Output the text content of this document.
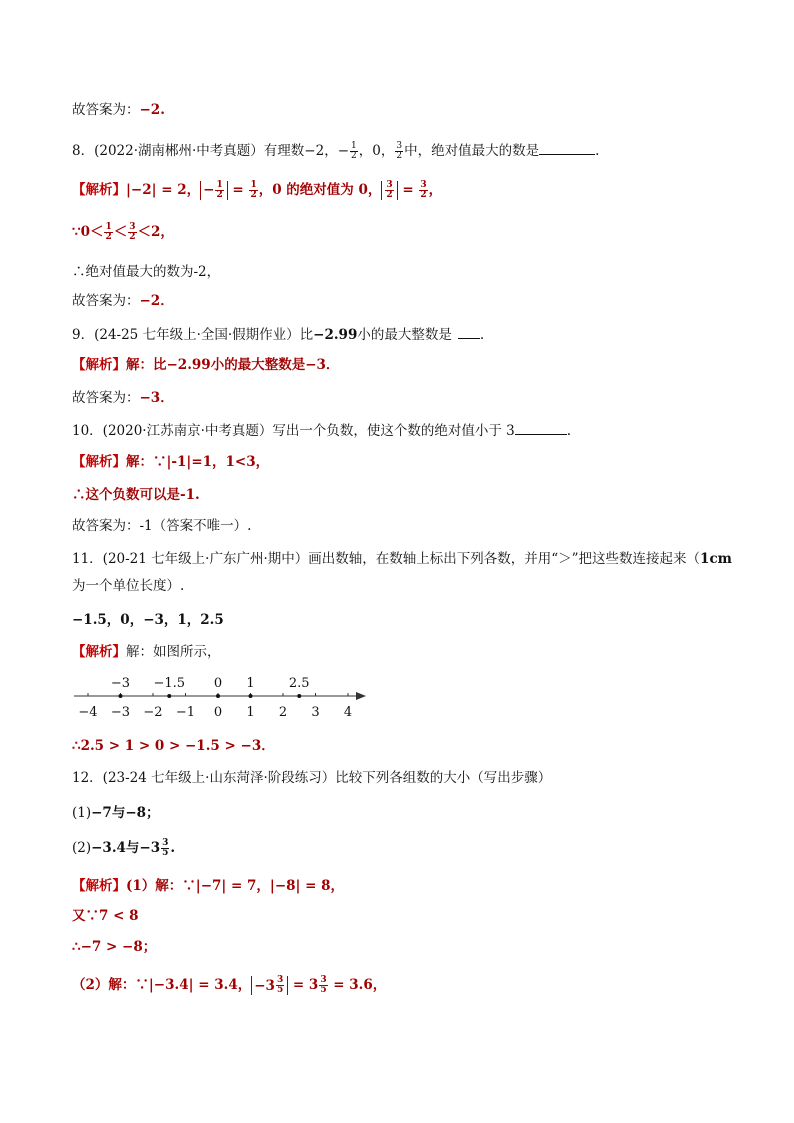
故答案为：−2.
8．(2022·湖南郴州·中考真题）有理数−2，− $\frac{1}{2}$ ，0， $\frac{3}{2}$ 中，绝对值最大的数是	.
【解析】|−2| = 2， − $\frac{1}{2} = \frac{1}{2}$ ，0 的绝对值为 0， $\frac{3}{2} = \frac{3}{2}$ ，
∵0＜ $\frac{1}{2} < \frac{3}{2} <2$，
∴绝对值最大的数为-2，
故答案为：−2．
9．(24-25 七年级上·全国·假期作业）比−2.99小的最大整数是 .
【解析】解：比−2.99小的最大整数是−3．
故答案为：−3．
10．(2020·江苏南京·中考真题）写出一个负数，使这个数的绝对值小于 3	.
【解析】解：∵|-1|=1，1<3，
∴这个负数可以是-1.
故答案为：-1（答案不唯一）.
11．(20-21 七年级上·广东广州·期中）画出数轴，在数轴上标出下列各数，并用“＞”把这些数连接起来（1cm
为一个单位长度）.
−1.5，0，−3，1，2.5
【解析】解：如图所示，
−4 −3 −2 −1 0 1 2 3 4
−3 −1.5 0 1	2.5
∴2.5 > 1 > 0 > −1.5 > −3．
12．(23-24 七年级上·山东菏泽·阶段练习）比较下列各组数的大小（写出步骤）
(1)−7与−8；
(2)−3.4与$-3 \frac{3}{5}$ .
【解析】(1）解：∵|−7| = 7，|−8| = 8，
又∵7 < 8
∴−7 > −8；
（2）解：∵|−3.4| = 3.4， $-3 \frac{3}{5} = 3 \frac{3}{5} = 3.6$，
